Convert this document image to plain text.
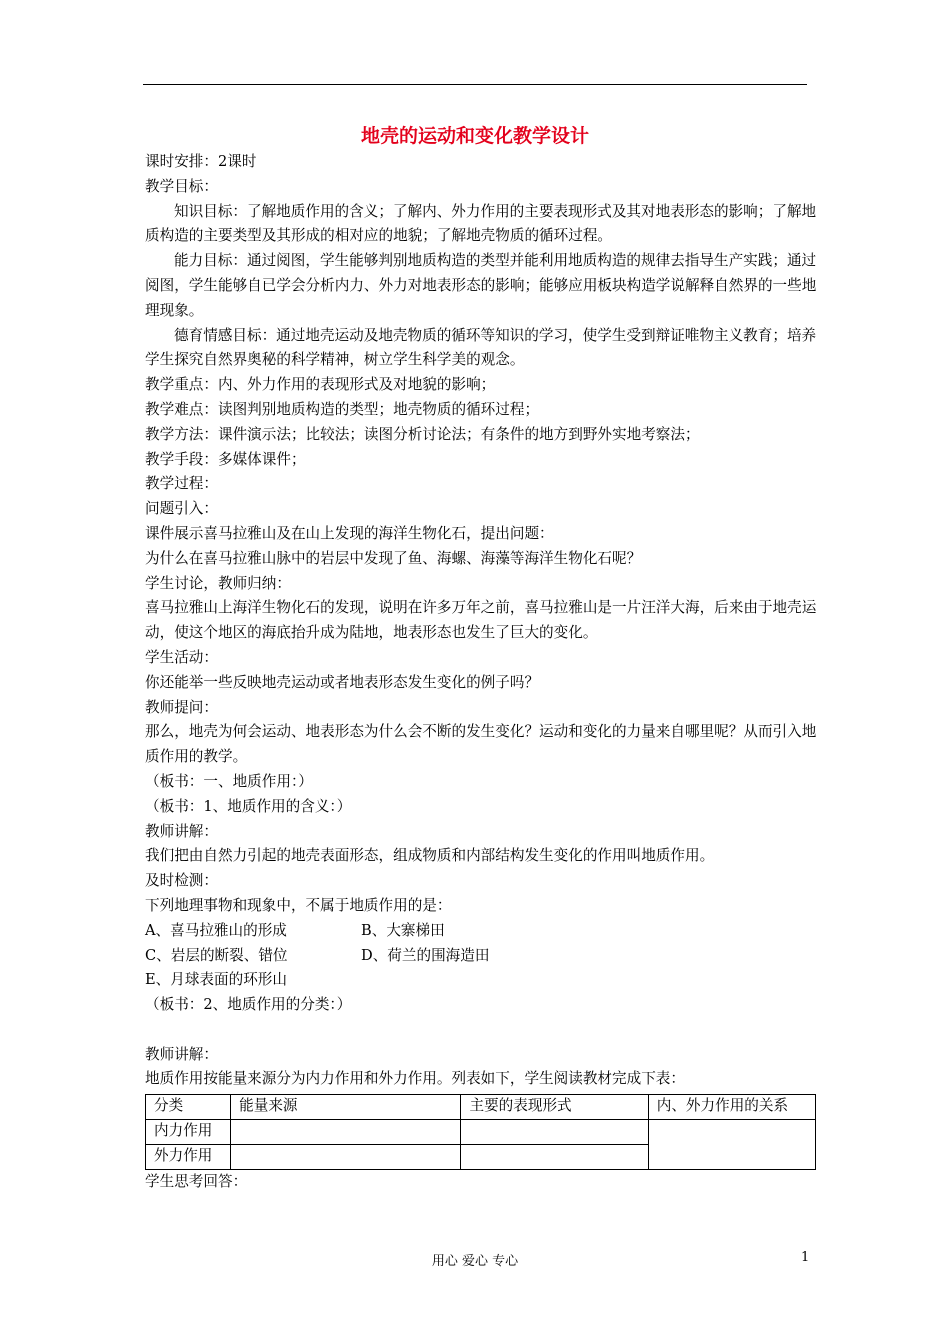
地壳的运动和变化教学设计

课时安排：2课时

教学目标：

知识目标：了解地质作用的含义；了解内、外力作用的主要表现形式及其对地表形态的影响；了解地质构造的主要类型及其形成的相对应的地貌；了解地壳物质的循环过程。

能力目标：通过阅图，学生能够判别地质构造的类型并能利用地质构造的规律去指导生产实践；通过阅图，学生能够自已学会分析内力、外力对地表形态的影响；能够应用板块构造学说解释自然界的一些地理现象。

德育情感目标：通过地壳运动及地壳物质的循环等知识的学习，使学生受到辩证唯物主义教育；培养学生探究自然界奥秘的科学精神，树立学生科学美的观念。

教学重点：内、外力作用的表现形式及对地貌的影响；

教学难点：读图判别地质构造的类型；地壳物质的循环过程；

教学方法：课件演示法；比较法；读图分析讨论法；有条件的地方到野外实地考察法；

教学手段：多媒体课件；

教学过程：

问题引入：

课件展示喜马拉雅山及在山上发现的海洋生物化石，提出问题：

为什么在喜马拉雅山脉中的岩层中发现了鱼、海螺、海藻等海洋生物化石呢？

学生讨论，教师归纳：

喜马拉雅山上海洋生物化石的发现，说明在许多万年之前，喜马拉雅山是一片汪洋大海，后来由于地壳运动，使这个地区的海底抬升成为陆地，地表形态也发生了巨大的变化。

学生活动：

你还能举一些反映地壳运动或者地表形态发生变化的例子吗？

教师提问：

那么，地壳为何会运动、地表形态为什么会不断的发生变化？运动和变化的力量来自哪里呢？从而引入地质作用的教学。

（板书：一、地质作用：）

（板书：1、地质作用的含义：）

教师讲解：

我们把由自然力引起的地壳表面形态，组成物质和内部结构发生变化的作用叫地质作用。

及时检测：

下列地理事物和现象中，不属于地质作用的是：

A、喜马拉雅山的形成	B、大寨梯田

C、岩层的断裂、错位	D、荷兰的围海造田

E、月球表面的环形山

（板书：2、地质作用的分类：）

教师讲解：

地质作用按能量来源分为内力作用和外力作用。列表如下，学生阅读教材完成下表：

分类	能量来源	主要的表现形式	内、外力作用的关系
内力作用			
外力作用			

学生思考回答：

用心 爱心 专心	1
